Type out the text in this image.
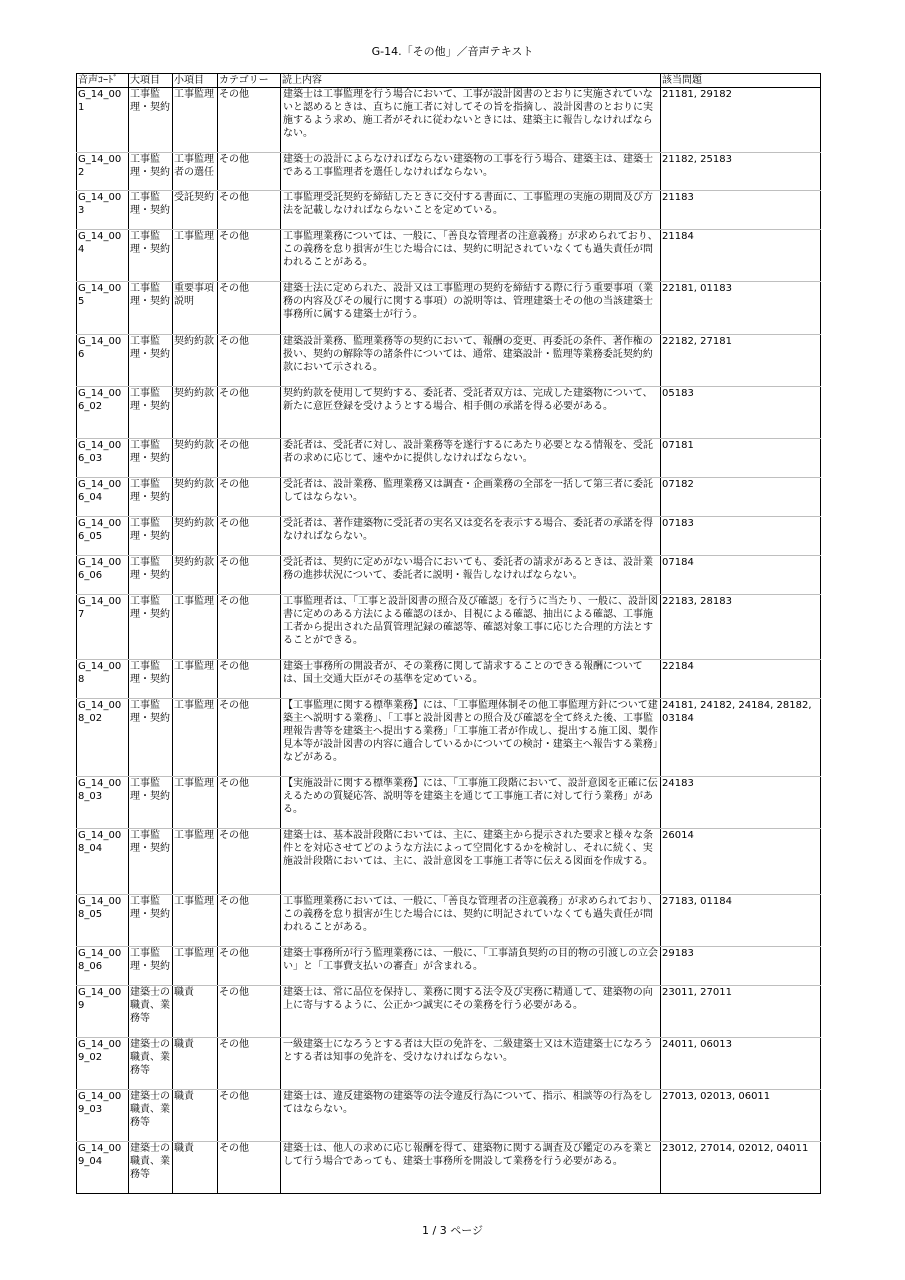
G-14.「その他」／音声テキスト
音声ｺｰﾄﾞ	大項目	小項目	カテゴリー	読上内容	該当問題
G_14_001	工事監理・契約	工事監理	その他	建築士は工事監理を行う場合において、工事が設計図書のとおりに実施されていないと認めるときは、直ちに施工者に対してその旨を指摘し、設計図書のとおりに実施するよう求め、施工者がそれに従わないときには、建築主に報告しなければならない。	21181, 29182
G_14_002	工事監理・契約	工事監理者の選任	その他	建築士の設計によらなければならない建築物の工事を行う場合、建築主は、建築士である工事監理者を選任しなければならない。	21182, 25183
G_14_003	工事監理・契約	受託契約	その他	工事監理受託契約を締結したときに交付する書面に、工事監理の実施の期間及び方法を記載しなければならないことを定めている。	21183
G_14_004	工事監理・契約	工事監理	その他	工事監理業務については、一般に、「善良な管理者の注意義務」が求められており、この義務を怠り損害が生じた場合には、契約に明記されていなくても過失責任が問われることがある。	21184
G_14_005	工事監理・契約	重要事項説明	その他	建築士法に定められた、設計又は工事監理の契約を締結する際に行う重要事項（業務の内容及びその履行に関する事項）の説明等は、管理建築士その他の当該建築士事務所に属する建築士が行う。	22181, 01183
G_14_006	工事監理・契約	契約約款	その他	建築設計業務、監理業務等の契約において、報酬の変更、再委託の条件、著作権の扱い、契約の解除等の諸条件については、通常、建築設計・監理等業務委託契約約款において示される。	22182, 27181
G_14_006_02	工事監理・契約	契約約款	その他	契約約款を使用して契約する、委託者、受託者双方は、完成した建築物について、新たに意匠登録を受けようとする場合、相手側の承諾を得る必要がある。	05183
G_14_006_03	工事監理・契約	契約約款	その他	委託者は、受託者に対し、設計業務等を遂行するにあたり必要となる情報を、受託者の求めに応じて、速やかに提供しなければならない。	07181
G_14_006_04	工事監理・契約	契約約款	その他	受託者は、設計業務、監理業務又は調査・企画業務の全部を一括して第三者に委託してはならない。	07182
G_14_006_05	工事監理・契約	契約約款	その他	受託者は、著作建築物に受託者の実名又は変名を表示する場合、委託者の承諾を得なければならない。	07183
G_14_006_06	工事監理・契約	契約約款	その他	受託者は、契約に定めがない場合においても、委託者の請求があるときは、設計業務の進捗状況について、委託者に説明・報告しなければならない。	07184
G_14_007	工事監理・契約	工事監理	その他	工事監理者は、「工事と設計図書の照合及び確認」を行うに当たり、一般に、設計図書に定めのある方法による確認のほか、目視による確認、抽出による確認、工事施工者から提出された品質管理記録の確認等、確認対象工事に応じた合理的方法とすることができる。	22183, 28183
G_14_008	工事監理・契約	工事監理	その他	建築士事務所の開設者が、その業務に関して請求することのできる報酬については、国土交通大臣がその基準を定めている。	22184
G_14_008_02	工事監理・契約	工事監理	その他	【工事監理に関する標準業務】には、「工事監理体制その他工事監理方針について建築主へ説明する業務」、「工事と設計図書との照合及び確認を全て終えた後、工事監理報告書等を建築主へ提出する業務」「工事施工者が作成し、提出する施工図、製作見本等が設計図書の内容に適合しているかについての検討・建築主へ報告する業務」などがある。	24181, 24182, 24184, 28182, 03184
G_14_008_03	工事監理・契約	工事監理	その他	【実施設計に関する標準業務】には、「工事施工段階において、設計意図を正確に伝えるための質疑応答、説明等を建築主を通じて工事施工者に対して行う業務」がある。	24183
G_14_008_04	工事監理・契約	工事監理	その他	建築士は、基本設計段階においては、主に、建築主から提示された要求と様々な条件とを対応させてどのような方法によって空間化するかを検討し、それに続く、実施設計段階においては、主に、設計意図を工事施工者等に伝える図面を作成する。	26014
G_14_008_05	工事監理・契約	工事監理	その他	工事監理業務においては、一般に、「善良な管理者の注意義務」が求められており、この義務を怠り損害が生じた場合には、契約に明記されていなくても過失責任が問われることがある。	27183, 01184
G_14_008_06	工事監理・契約	工事監理	その他	建築士事務所が行う監理業務には、一般に、「工事請負契約の目的物の引渡しの立会い」と「工事費支払いの審査」が含まれる。	29183
G_14_009	建築士の職責、業務等	職責	その他	建築士は、常に品位を保持し、業務に関する法令及び実務に精通して、建築物の向上に寄与するように、公正かつ誠実にその業務を行う必要がある。	23011, 27011
G_14_009_02	建築士の職責、業務等	職責	その他	一級建築士になろうとする者は大臣の免許を、二級建築士又は木造建築士になろうとする者は知事の免許を、受けなければならない。	24011, 06013
G_14_009_03	建築士の職責、業務等	職責	その他	建築士は、違反建築物の建築等の法令違反行為について、指示、相談等の行為をしてはならない。	27013, 02013, 06011
G_14_009_04	建築士の職責、業務等	職責	その他	建築士は、他人の求めに応じ報酬を得て、建築物に関する調査及び鑑定のみを業として行う場合であっても、建築士事務所を開設して業務を行う必要がある。	23012, 27014, 02012, 04011
1 / 3 ページ
